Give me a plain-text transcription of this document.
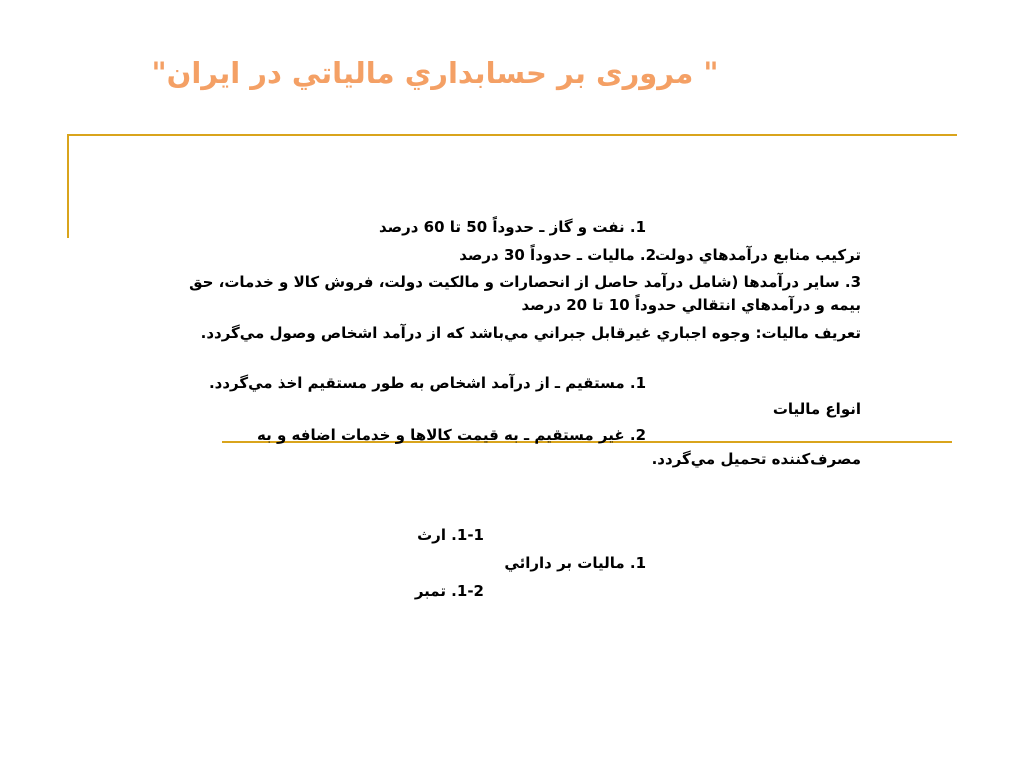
" مروری بر حسابداري مالياتي در ايران"
1. نفت و گاز ـ حدوداً 50 تا 60 درصد
تركيب منابع درآمدهاي دولت
2. ماليات ـ حدوداً 30 درصد
3. ساير درآمدها (شامل درآمد حاصل از انحصارات و مالكيت دولت، فروش كالا و خدمات، حق
بيمه و درآمدهاي انتقالي حدوداً 10 تا 20 درصد
تعريف ماليات: وجوه اجباري غيرقابل جبراني مي‌باشد كه از درآمد اشخاص وصول مي‌گردد.
1. مستقيم ـ از درآمد اشخاص به طور مستقيم اخذ مي‌گردد.
انواع ماليات
2. غير مستقيم ـ به قيمت كالاها و خدمات اضافه و به
مصرف‌كننده تحميل مي‌گردد.
1-1. ارث
1. ماليات بر دارائي
1-2. تمبر
